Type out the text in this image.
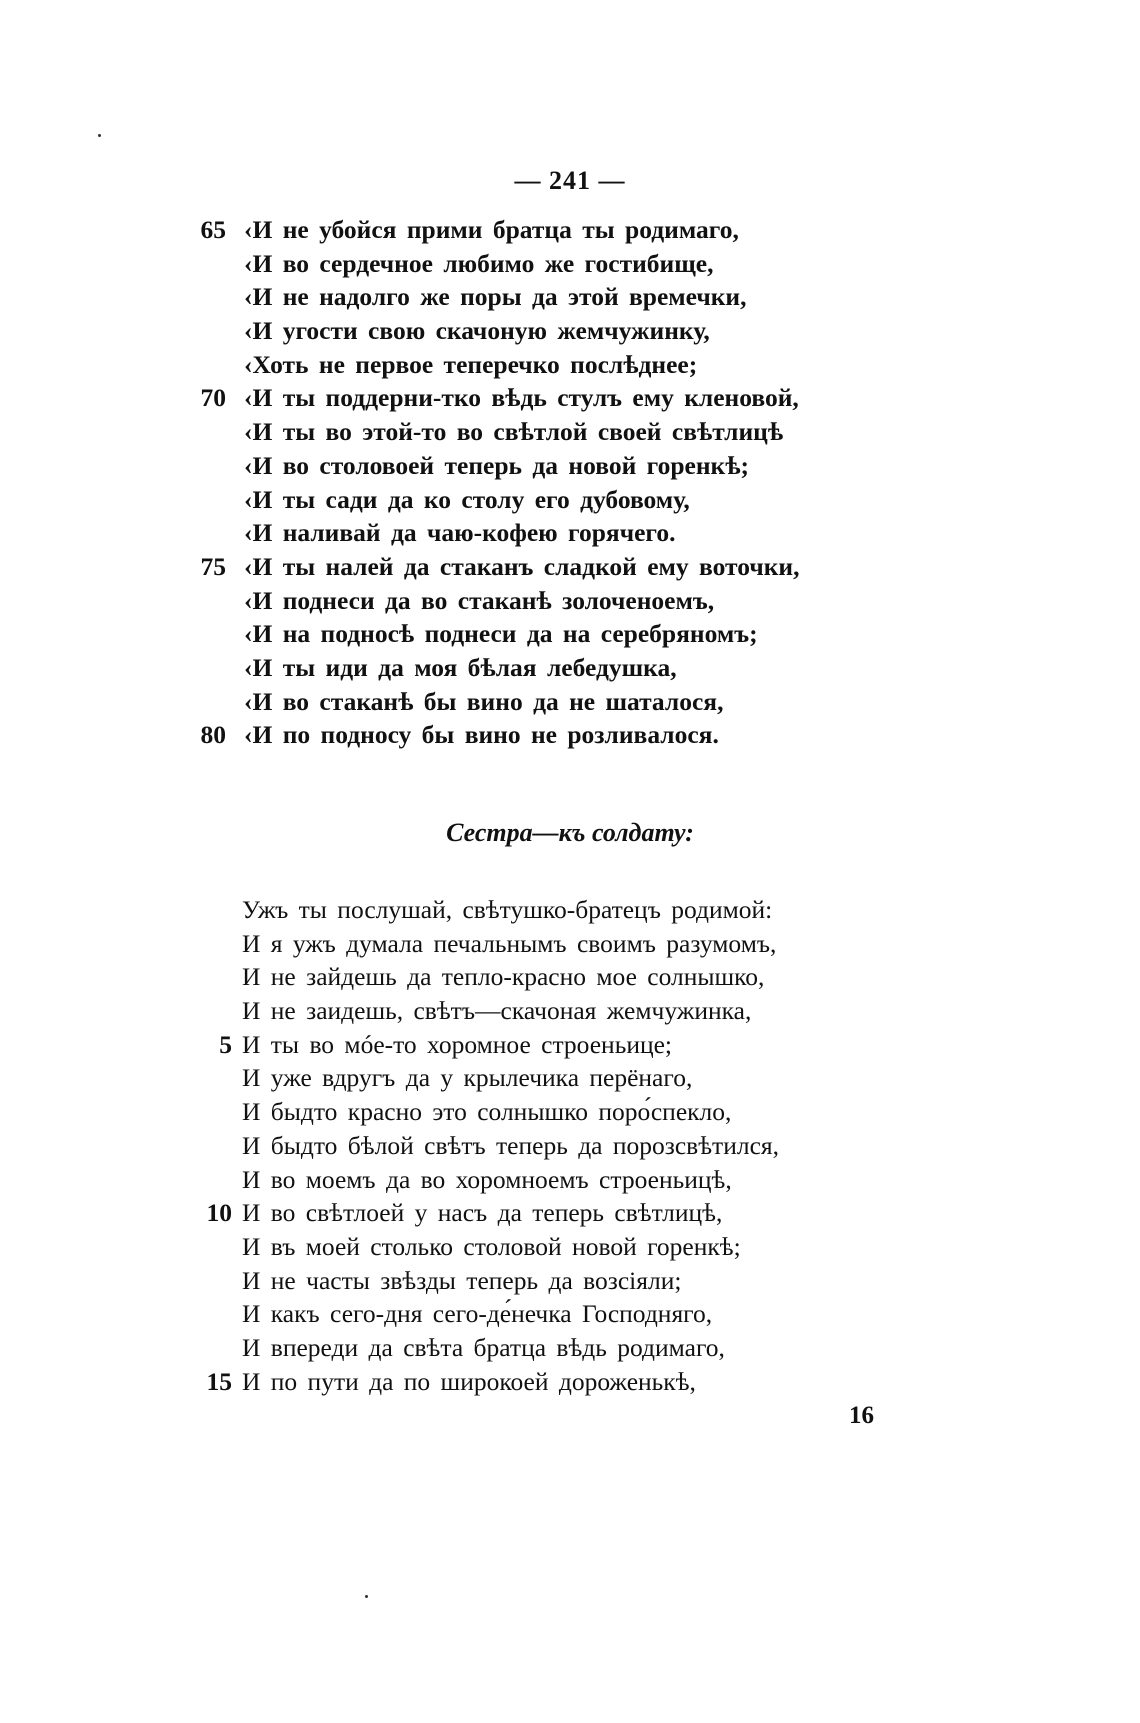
— 241 —
65 ‹И не убойся прими братца ты родимаго,
‹И во сердечное любимо же гостибище,
‹И не надолго же поры да этой времечки,
‹И угости свою скачоную жемчужинку,
‹Хоть не первое теперечко послѣднее;
70 ‹И ты поддерни-тко вѣдь стулъ ему кленовой,
‹И ты во этой-то во свѣтлой своей свѣтлицѣ
‹И во столовоей теперь да новой горенкѣ;
‹И ты сади да ко столу его дубовому,
‹И наливай да чаю-кофею горячего.
75 ‹И ты налей да стаканъ сладкой ему воточки,
‹И поднеси да во стаканѣ золоченоемъ,
‹И на подносѣ поднеси да на серебряномъ;
‹И ты иди да моя бѣлая лебедушка,
‹И во стаканѣ бы вино да не шаталося,
80 ‹И по подносу бы вино не розливалося.
Сестра—къ солдату:
Ужъ ты послушай, свѣтушко-братецъ родимой:
И я ужъ думала печальнымъ своимъ разумомъ,
И не зайдешь да тепло-красно мое солнышко,
И не заидешь, свѣтъ—скачоная жемчужинка,
5 И ты во мóе-то хоромное строеньице;
И уже вдругъ да у крылечика перёнаго,
И быдто красно это солнышко поро́спекло,
И быдто бѣлой свѣтъ теперь да порозсвѣтился,
И во моемъ да во хоромноемъ строеньицѣ,
10 И во свѣтлоей у насъ да теперь свѣтлицѣ,
И въ моей столько столовой новой горенкѣ;
И не часты звѣзды теперь да возсіяли;
И какъ сего-дня сего-де́нечка Господняго,
И впереди да свѣта братца вѣдь родимаго,
15 И по пути да по широкоей дороженькѣ,
16
